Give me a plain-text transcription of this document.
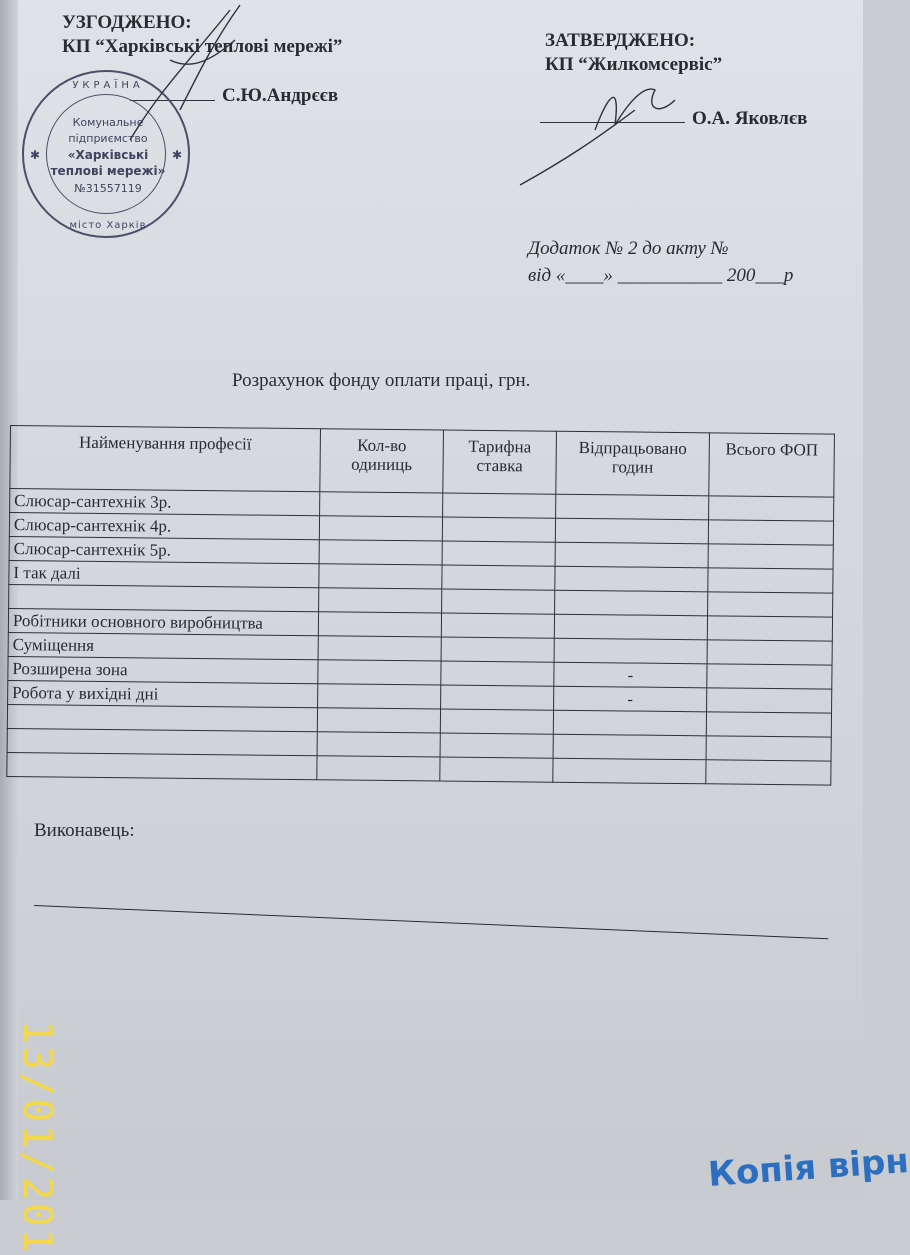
УЗГОДЖЕНО:
КП “Харківські теплові мережі”
С.Ю.Андрєєв
УКРАЇНА
Комунальне
підприємство
«Харківські
теплові мережі»
№31557119
місто Харків
✱	✱
ЗАТВЕРДЖЕНО:
КП “Жилкомсервіс”
О.А. Яковлєв
Додаток № 2 до акту №
від «____» ___________ 200___р
Розрахунок фонду оплати праці, грн.
Найменування професії	Кол-во одиниць	Тарифна ставка	Відпрацьовано годин	Всього ФОП
Слюсар-сантехнік 3р.				
Слюсар-сантехнік 4р.				
Слюсар-сантехнік 5р.				
І так далі				

Робітники основного виробництва				
Суміщення				
Розширена зона			-	
Робота у вихідні дні			-	

Виконавець:
13/01/201	Копія вірн
